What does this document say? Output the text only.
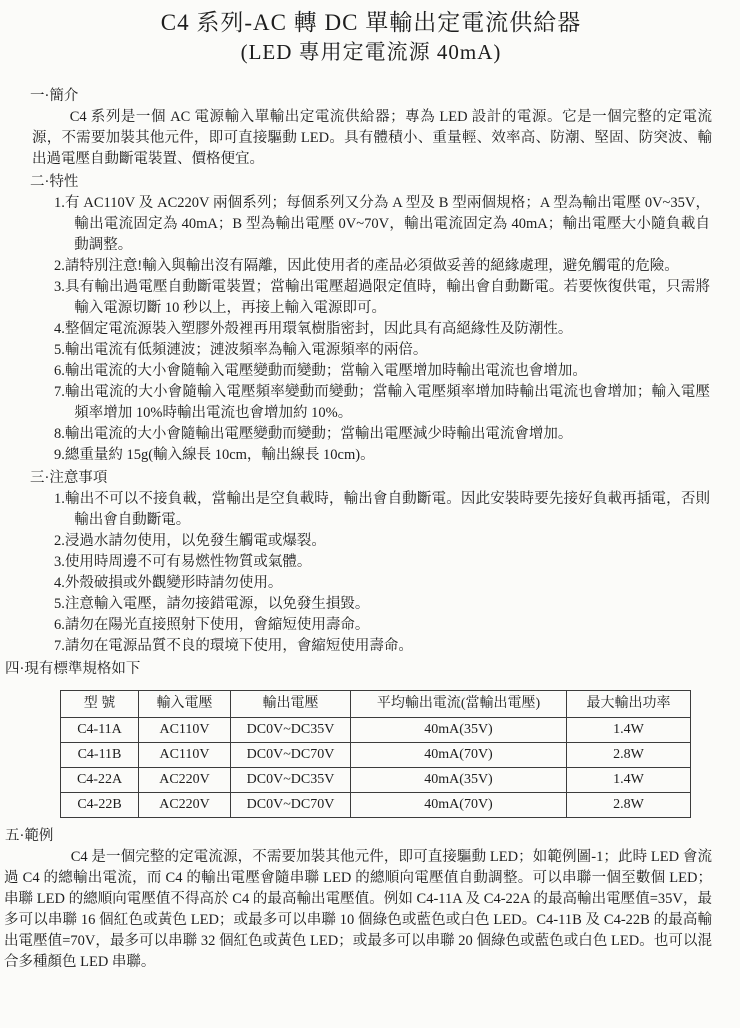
C4 系列-AC 轉 DC 單輸出定電流供給器
(LED 專用定電流源 40mA)
一·簡介

C4 系列是一個 AC 電源輸入單輸出定電流供給器；專為 LED 設計的電源。它是一個完整的定電流源，不需要加裝其他元件，即可直接驅動 LED。具有體積小、重量輕、效率高、防潮、堅固、防突波、輸出過電壓自動斷電裝置、價格便宜。

二·特性
1.有 AC110V 及 AC220V 兩個系列；每個系列又分為 A 型及 B 型兩個規格；A 型為輸出電壓 0V~35V，輸出電流固定為 40mA；B 型為輸出電壓 0V~70V，輸出電流固定為 40mA；輸出電壓大小隨負載自動調整。
2.請特別注意!輸入與輸出沒有隔離，因此使用者的產品必須做妥善的絕緣處理，避免觸電的危險。
3.具有輸出過電壓自動斷電裝置；當輸出電壓超過限定值時，輸出會自動斷電。若要恢復供電，只需將輸入電源切斷 10 秒以上，再接上輸入電源即可。
4.整個定電流源裝入塑膠外殼裡再用環氧樹脂密封，因此具有高絕緣性及防潮性。
5.輸出電流有低頻漣波；漣波頻率為輸入電源頻率的兩倍。
6.輸出電流的大小會隨輸入電壓變動而變動；當輸入電壓增加時輸出電流也會增加。
7.輸出電流的大小會隨輸入電壓頻率變動而變動；當輸入電壓頻率增加時輸出電流也會增加；輸入電壓頻率增加 10%時輸出電流也會增加約 10%。
8.輸出電流的大小會隨輸出電壓變動而變動；當輸出電壓減少時輸出電流會增加。
9.總重量約 15g(輸入線長 10cm，輸出線長 10cm)。
三·注意事項
1.輸出不可以不接負載，當輸出是空負載時，輸出會自動斷電。因此安裝時要先接好負載再插電，否則輸出會自動斷電。
2.浸過水請勿使用，以免發生觸電或爆裂。
3.使用時周邊不可有易燃性物質或氣體。
4.外殼破損或外觀變形時請勿使用。
5.注意輸入電壓，請勿接錯電源，以免發生損毀。
6.請勿在陽光直接照射下使用，會縮短使用壽命。
7.請勿在電源品質不良的環境下使用，會縮短使用壽命。
四·現有標準規格如下
型 號	輸入電壓	輸出電壓	平均輸出電流(當輸出電壓)	最大輸出功率
C4-11A	AC110V	DC0V~DC35V	40mA(35V)	1.4W
C4-11B	AC110V	DC0V~DC70V	40mA(70V)	2.8W
C4-22A	AC220V	DC0V~DC35V	40mA(35V)	1.4W
C4-22B	AC220V	DC0V~DC70V	40mA(70V)	2.8W
五·範例

C4 是一個完整的定電流源，不需要加裝其他元件，即可直接驅動 LED；如範例圖-1；此時 LED 會流過 C4 的總輸出電流，而 C4 的輸出電壓會隨串聯 LED 的總順向電壓值自動調整。可以串聯一個至數個 LED；串聯 LED 的總順向電壓值不得高於 C4 的最高輸出電壓值。例如 C4-11A 及 C4-22A 的最高輸出電壓值=35V，最多可以串聯 16 個紅色或黃色 LED；或最多可以串聯 10 個綠色或藍色或白色 LED。C4-11B 及 C4-22B 的最高輸出電壓值=70V，最多可以串聯 32 個紅色或黃色 LED；或最多可以串聯 20 個綠色或藍色或白色 LED。也可以混合多種顏色 LED 串聯。
